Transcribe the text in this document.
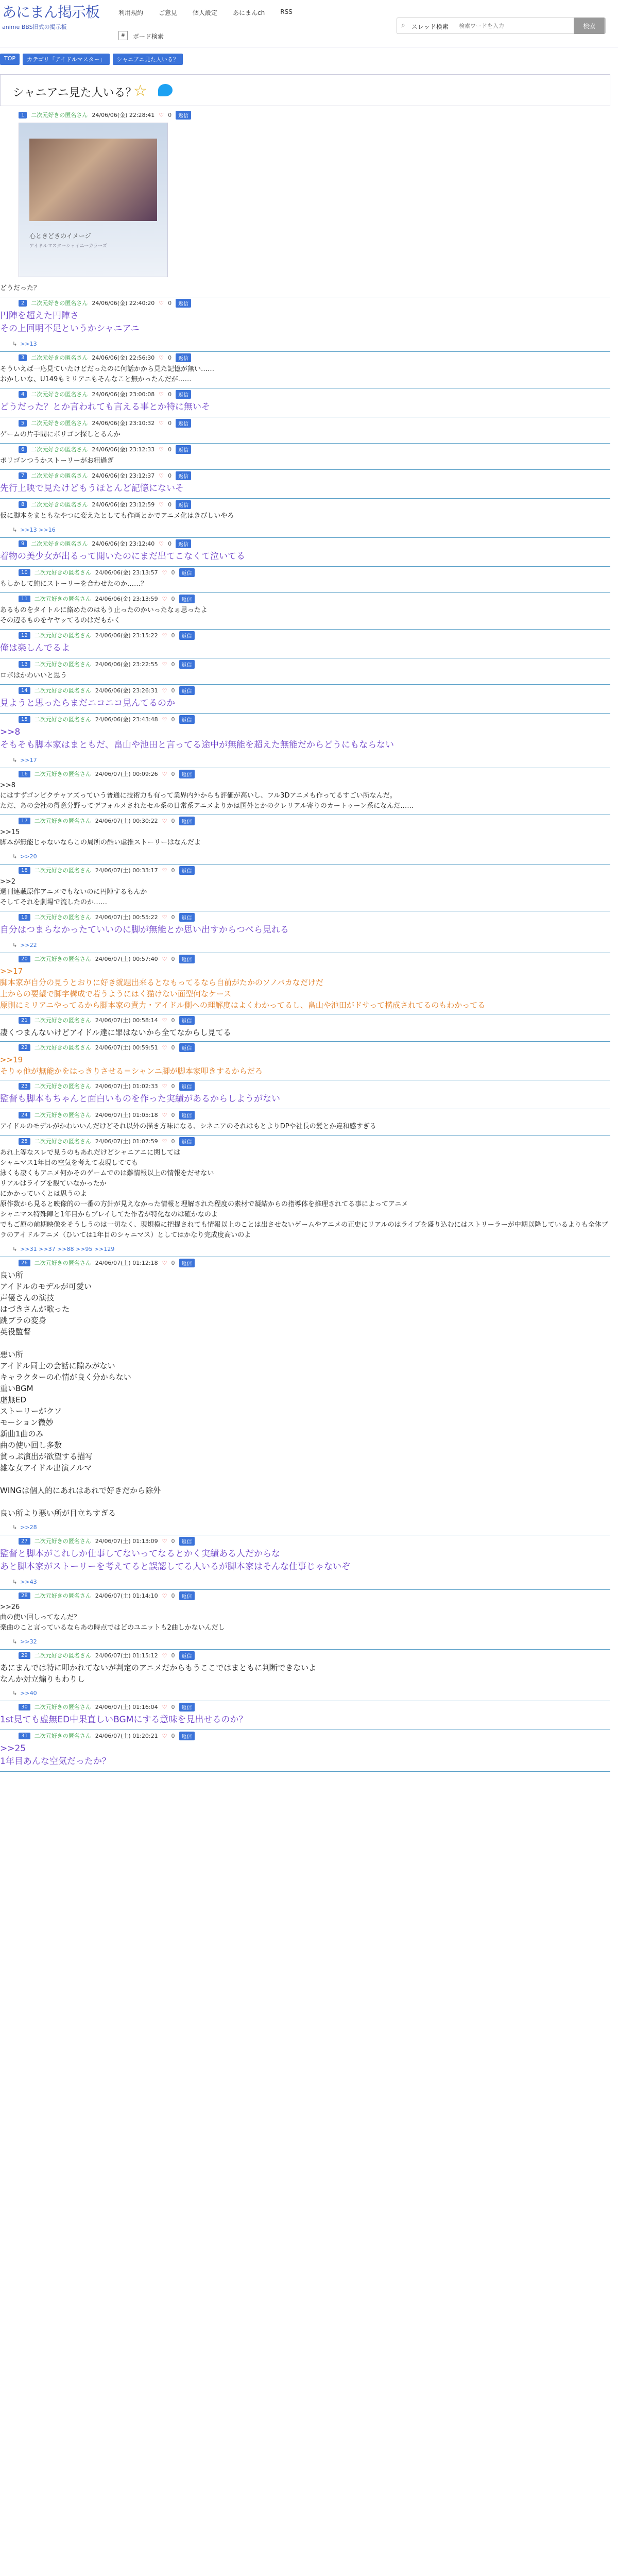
あにまん掲示板
anime BBS旧式の掲示板
利用規約	ご意見	個人設定	あにまんch	RSS
#	ボード検索
⌕ スレッド検索
検索ワードを入力	検索
TOP	カテゴリ「アイドルマスター」	シャニアニ見た人いる？
シャニアニ見た人いる？
☆
1	二次元好きの匿名さん 24/06/06(金) 22:28:41 ♡ 0	返信
心ときどきのイメージ
アイドルマスターシャイニーカラーズ
どうだった？
2	二次元好きの匿名さん 24/06/06(金) 22:40:20 ♡ 0	返信
円陣を超えた円陣さ
その上回明不足というかシャニアニ
↳ >>13
3	二次元好きの匿名さん 24/06/06(金) 22:56:30 ♡ 0	返信
そういえば一応見ていたけどだったのに何話かから見た記憶が無い……
おかしいな、U149もミリアニもそんなこと無かったんだが……
4	二次元好きの匿名さん 24/06/06(金) 23:00:08 ♡ 0	返信
どうだった？とか言われても言える事とか特に無いそ
5	二次元好きの匿名さん 24/06/06(金) 23:10:32 ♡ 0	返信
ゲームの片手間にポリゴン探しとるんか
6	二次元好きの匿名さん 24/06/06(金) 23:12:33 ♡ 0	返信
ポリゴンつうかストーリーがお粗過ぎ
7	二次元好きの匿名さん 24/06/06(金) 23:12:37 ♡ 0	返信
先行上映で見たけどもうほとんど記憶にないそ
8	二次元好きの匿名さん 24/06/06(金) 23:12:59 ♡ 0	返信
仮に脚本をまともなやつに変えたとしても作画とかでアニメ化はきびしいやろ
↳ >>13 >>16
9	二次元好きの匿名さん 24/06/06(金) 23:12:40 ♡ 0	返信
着物の美少女が出るって聞いたのにまだ出てこなくて泣いてる
10	二次元好きの匿名さん 24/06/06(金) 23:13:57 ♡ 0	返信
もしかして純にストーリーを合わせたのか……？
11	二次元好きの匿名さん 24/06/06(金) 23:13:59 ♡ 0	返信
あるものをタイトルに絡めたのはもう止ったのかいったなぁ思ったよ
その辺るものをヤヤッてるのはだもかく
12	二次元好きの匿名さん 24/06/06(金) 23:15:22 ♡ 0	返信
俺は楽しんでるよ
13	二次元好きの匿名さん 24/06/06(金) 23:22:55 ♡ 0	返信
ロボはかわいいと思う
14	二次元好きの匿名さん 24/06/06(金) 23:26:31 ♡ 0	返信
見ようと思ったらまだニコニコ見んてるのか
15	二次元好きの匿名さん 24/06/06(金) 23:43:48 ♡ 0	返信
>>8
そもそも脚本家はまともだ、畠山や池田と言ってる途中が無能を超えた無能だからどうにもならない
↳ >>17
16	二次元好きの匿名さん 24/06/07(土) 00:09:26 ♡ 0	返信
>>8
にはすずゴンピクチャアズっていう普通に技術力も有って業界内外からも評価が高いし、フル3Dアニメも作ってるすごい所なんだ。
ただ、あの会社の得意分野ってデフォルメされたセル系の日常系アニメよりかは国外とかのクレリアル寄りのカートゥーン系になんだ……
17	二次元好きの匿名さん 24/06/07(土) 00:30:22 ♡ 0	返信
>>15
脚本が無能じゃないならこの局所の酷い虐推ストーリーはなんだよ
↳ >>20
18	二次元好きの匿名さん 24/06/07(土) 00:33:17 ♡ 0	返信
>>2
週刊連載原作アニメでもないのに円陣するもんか
そしてそれを劇場で流したのか……
19	二次元好きの匿名さん 24/06/07(土) 00:55:22 ♡ 0	返信
自分はつまらなかったていいのに脚が無能とか思い出すからつべら見れる
↳ >>22
20	二次元好きの匿名さん 24/06/07(土) 00:57:40 ♡ 0	返信
>>17
脚本家が自分の見うとおりに好き就題出来るとなもってるなら自前がたかのソノバカなだけだ
上からの要望で脚字構成で若うようにはく猫けない面型何なケース
原則にミリアニやってるから脚本家の責力・アイドル側への理解度はよくわかってるし、畠山や池田がドサって構成されてるのもわかってる
21	二次元好きの匿名さん 24/06/07(土) 00:58:14 ♡ 0	返信
凄くつまんないけどアイドル達に罪はないから全てなからし見てる
22	二次元好きの匿名さん 24/06/07(土) 00:59:51 ♡ 0	返信
>>19
そりゃ他が無能かをはっきりさせる＝シャンニ脚が脚本家叩きするからだろ
23	二次元好きの匿名さん 24/06/07(土) 01:02:33 ♡ 0	返信
監督も脚本もちゃんと面白いものを作った実績があるからしようがない
24	二次元好きの匿名さん 24/06/07(土) 01:05:18 ♡ 0	返信
アイドルのモデルがかわいいんだけどそれ以外の描き方味になる、シネニアのそれはもとよりDPや社長の髪とか違和感すぎる
25	二次元好きの匿名さん 24/06/07(土) 01:07:59 ♡ 0	返信
あれ上等なスレで見うのもあれだけどシャニアニに関しては
シャニマス1年目の空気を考えて表現してても
泳くも凄くもアニメ何かそのゲームでのは難情報以上の情報をだせない
リアルはライブを観ていなかったか
にかかっていくとは思うのよ
原作数から見ると映像的の一番の方針が見えなかった情報と理解された程度の素材で凝結からの指導体を推理されてる事によってアニメ
シャニマス特殊陣と1年目からプレイしてた作者が特化なのは確かなのよ
でもご原の前期映像をそうしうのは一切なく、現規模に把提されても情報以上のことは出させないゲームやアニメの正史にリアルのはライブを盛り込むにはストリーラーが中期以降しているよりも全体プラのアイドルアニメ（ひいては1年目のシャニマス）としてはかなり完成度高いのよ
↳ >>31 >>37 >>88 >>95 >>129
26	二次元好きの匿名さん 24/06/07(土) 01:12:18 ♡ 0	返信
良い所
アイドルのモデルが可愛い
声優さんの演技
はづきさんが歌った
跳ブラの変身
英役監督

悪い所
アイドル同士の会話に隙みがない
キャラクターの心情が良く分からない
重いBGM
虚無ED
ストーリーがクソ
モーション微妙
新曲1曲のみ
曲の使い回し多数
貧っぷ演出が欲望する描写
雑な女アイドル出演ノルマ

WINGは個人的にあれはあれで好きだから除外

良い所より悪い所が目立ちすぎる
↳ >>28
27	二次元好きの匿名さん 24/06/07(土) 01:13:09 ♡ 0	返信
監督と脚本がこれしか仕事してないってなるとかく実績ある人だからな
あと脚本家がストーリーを考えてると誤認してる人いるが脚本家はそんな仕事じゃないぞ
↳ >>43
28	二次元好きの匿名さん 24/06/07(土) 01:14:10 ♡ 0	返信
>>26
曲の使い回しってなんだ？
楽曲のこと言っているならあの時点ではどのユニットも2曲しかないんだし
↳ >>32
29	二次元好きの匿名さん 24/06/07(土) 01:15:12 ♡ 0	返信
あにまんでは特に叩かれてないが判定のアニメだからもうここではまともに判断できないよ
なんか対立煽りもわりし
↳ >>40
30	二次元好きの匿名さん 24/06/07(土) 01:16:04 ♡ 0	返信
1st見ても虚無ED中果直しいBGMにする意味を見出せるのか？
31	二次元好きの匿名さん 24/06/07(土) 01:20:21 ♡ 0	返信
>>25
1年目あんな空気だったか？
